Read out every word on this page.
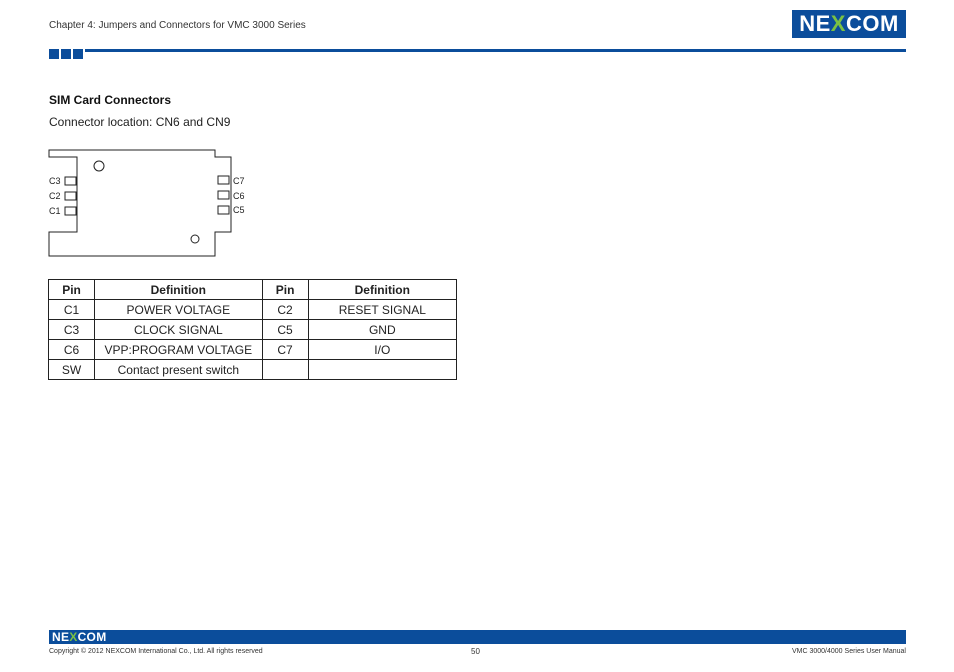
Chapter 4: Jumpers and Connectors for VMC 3000 Series	NE X COM
SIM Card Connectors
Connector location: CN6 and CN9
C3
C2
C1
C7
C6
C5
Pin	Definition	Pin	Definition
C1	POWER VOLTAGE	C2	RESET SIGNAL
C3	CLOCK SIGNAL	C5	GND
C6	VPP:PROGRAM VOLTAGE	C7	I/O
SW	Contact present switch		
NEXCOM
Copyright © 2012 NEXCOM International Co., Ltd. All rights reserved	50	VMC 3000/4000 Series User Manual
